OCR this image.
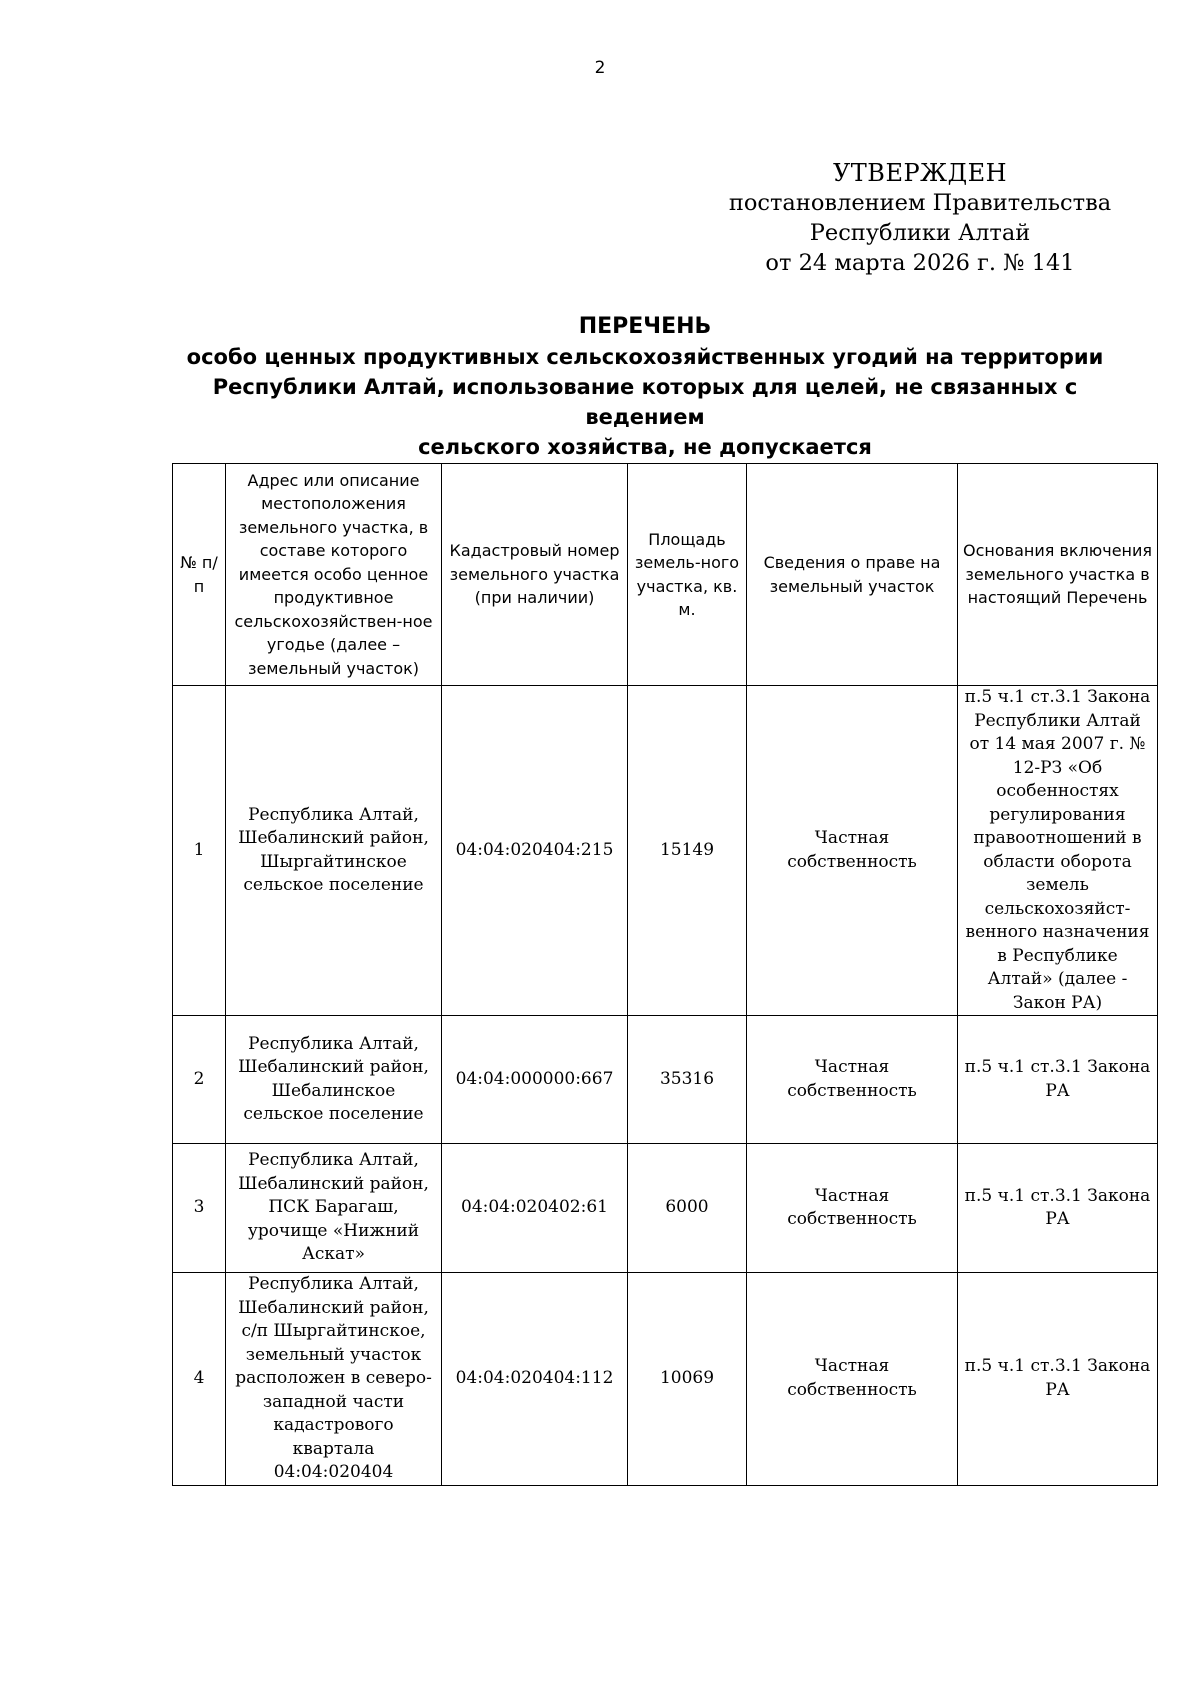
2
УТВЕРЖДЕН
постановлением Правительства
Республики Алтай
от 24 марта 2026 г. № 141
ПЕРЕЧЕНЬ
особо ценных продуктивных сельскохозяйственных угодий на территории
Республики Алтай, использование которых для целей, не связанных с ведением
сельского хозяйства, не допускается
№ п/п	Адрес или описание местоположения земельного участка, в составе которого имеется особо ценное продуктивное сельскохозяйствен-ное угодье (далее – земельный участок)	Кадастровый номер земельного участка (при наличии)	Площадь земель-ного участка, кв. м.	Сведения о праве на земельный участок	Основания включения земельного участка в настоящий Перечень
1	Республика Алтай, Шебалинский район, Шыргайтинское сельское поселение	04:04:020404:215	15149	Частная собственность	п.5 ч.1 ст.3.1 Закона Республики Алтай от 14 мая 2007 г. № 12-РЗ «Об особенностях регулирования правоотношений в области оборота земель сельскохозяйст-венного назначения в Республике Алтай» (далее - Закон РА)
2	Республика Алтай, Шебалинский район, Шебалинское сельское поселение	04:04:000000:667	35316	Частная собственность	п.5 ч.1 ст.3.1 Закона РА
3	Республика Алтай, Шебалинский район, ПСК Барагаш, урочище «Нижний Аскат»	04:04:020402:61	6000	Частная собственность	п.5 ч.1 ст.3.1 Закона РА
4	Республика Алтай, Шебалинский район, с/п Шыргайтинское, земельный участок расположен в северо-западной части кадастрового квартала 04:04:020404	04:04:020404:112	10069	Частная собственность	п.5 ч.1 ст.3.1 Закона РА
